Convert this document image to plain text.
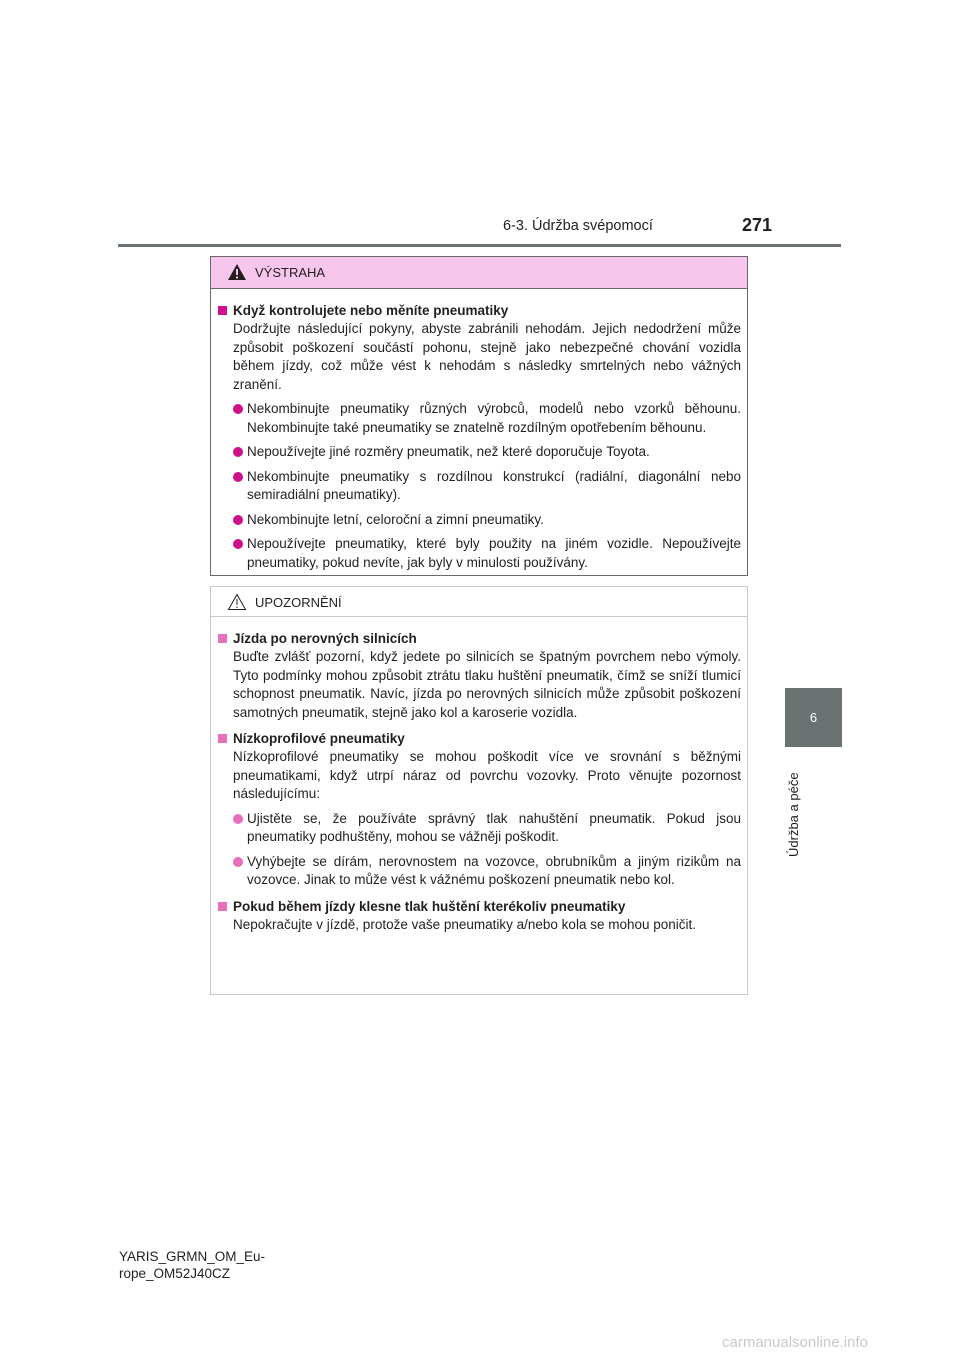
6-3. Údržba svépomocí	271
6
Údržba a péče
VÝSTRAHA
Když kontrolujete nebo měníte pneumatiky
Dodržujte následující pokyny, abyste zabránili nehodám. Jejich nedodržení může způsobit poškození součástí pohonu, stejně jako nebezpečné chování vozidla během jízdy, což může vést k nehodám s následky smrtelných nebo vážných zranění.
Nekombinujte pneumatiky různých výrobců, modelů nebo vzorků běhounu. Nekombinujte také pneumatiky se znatelně rozdílným opotřebením běhounu.
Nepoužívejte jiné rozměry pneumatik, než které doporučuje Toyota.
Nekombinujte pneumatiky s rozdílnou konstrukcí (radiální, diagonální nebo semiradiální pneumatiky).
Nekombinujte letní, celoroční a zimní pneumatiky.
Nepoužívejte pneumatiky, které byly použity na jiném vozidle. Nepoužívejte pneumatiky, pokud nevíte, jak byly v minulosti používány.
UPOZORNĚNÍ
Jízda po nerovných silnicích
Buďte zvlášť pozorní, když jedete po silnicích se špatným povrchem nebo výmoly. Tyto podmínky mohou způsobit ztrátu tlaku huštění pneumatik, čímž se sníží tlumicí schopnost pneumatik. Navíc, jízda po nerovných silnicích může způsobit poškození samotných pneumatik, stejně jako kol a karoserie vozidla.
Nízkoprofilové pneumatiky
Nízkoprofilové pneumatiky se mohou poškodit více ve srovnání s běžnými pneumatikami, když utrpí náraz od povrchu vozovky. Proto věnujte pozornost následujícímu:
Ujistěte se, že používáte správný tlak nahuštění pneumatik. Pokud jsou pneumatiky podhuštěny, mohou se vážněji poškodit.
Vyhýbejte se dírám, nerovnostem na vozovce, obrubníkům a jiným rizikům na vozovce. Jinak to může vést k vážnému poškození pneumatik nebo kol.
Pokud během jízdy klesne tlak huštění kterékoliv pneumatiky
Nepokračujte v jízdě, protože vaše pneumatiky a/nebo kola se mohou poničit.
YARIS_GRMN_OM_Eu-
rope_OM52J40CZ
carmanualsonline.info
